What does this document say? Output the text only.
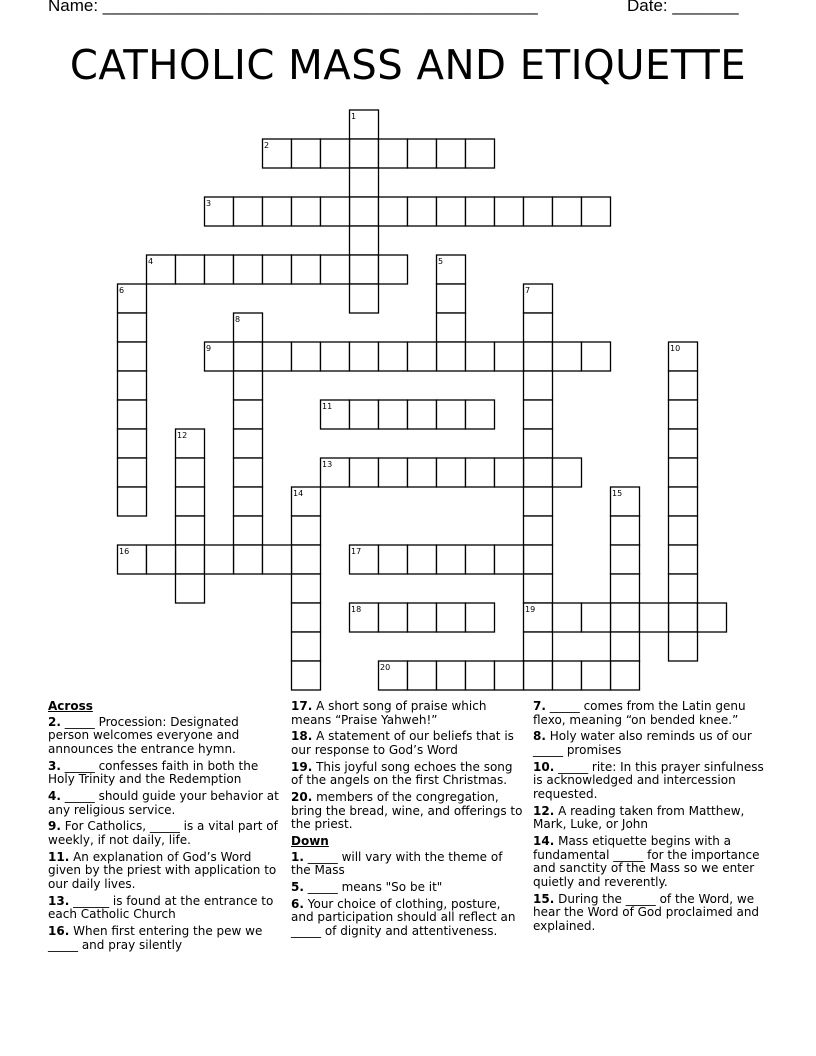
Name: ______________________________________________	Date: _______
CATHOLIC MASS AND ETIQUETTE
1
2
3
4	5
6	7
8
9	10
11
12
13
14	15
16	17
18	19
20
Across
2. _____ Procession: Designated person welcomes everyone and announces the entrance hymn.
3. _____ confesses faith in both the Holy Trinity and the Redemption
4. _____ should guide your behavior at any religious service.
9. For Catholics, _____ is a vital part of weekly, if not daily, life.
11. An explanation of God’s Word given by the priest with application to our daily lives.
13. ______ is found at the entrance to each Catholic Church
16. When first entering the pew we _____ and pray silently
17. A short song of praise which means “Praise Yahweh!”
18. A statement of our beliefs that is our response to God’s Word
19. This joyful song echoes the song of the angels on the first Christmas.
20. members of the congregation, bring the bread, wine, and offerings to the priest.
Down
1. _____ will vary with the theme of the Mass
5. _____ means "So be it"
6. Your choice of clothing, posture, and participation should all reflect an _____ of dignity and attentiveness.
7. _____ comes from the Latin genu flexo, meaning “on bended knee.”
8. Holy water also reminds us of our _____ promises
10. _____ rite: In this prayer sinfulness is acknowledged and intercession requested.
12. A reading taken from Matthew, Mark, Luke, or John
14. Mass etiquette begins with a fundamental _____ for the importance and sanctity of the Mass so we enter quietly and reverently.
15. During the _____ of the Word, we hear the Word of God proclaimed and explained.
